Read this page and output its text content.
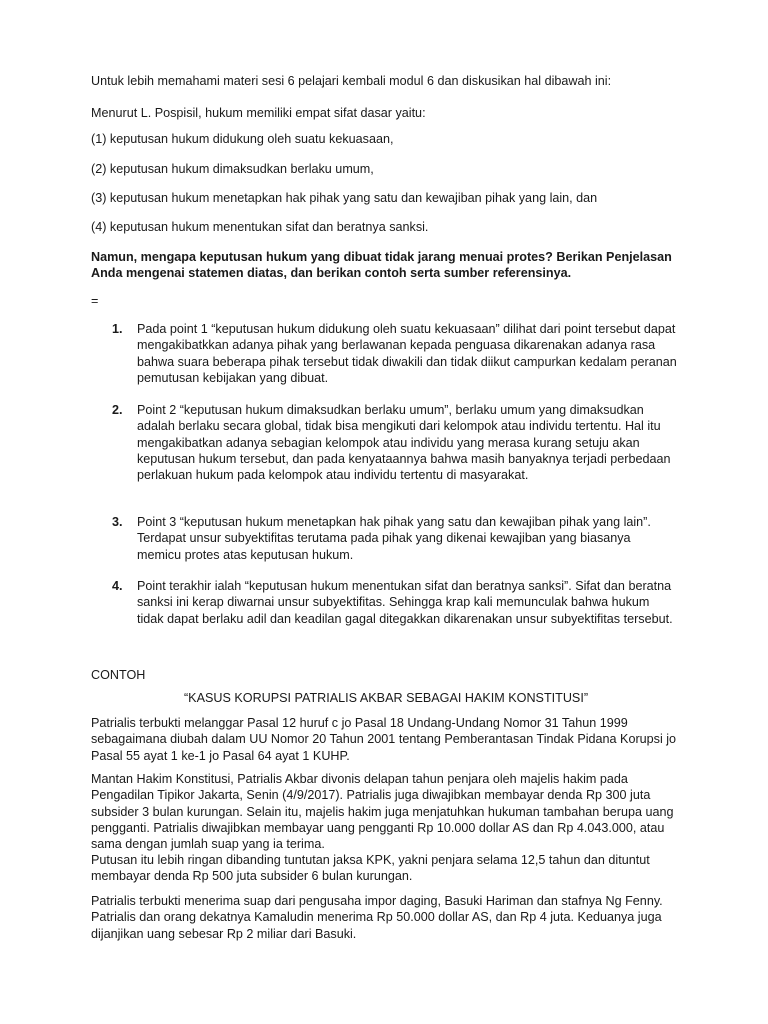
Untuk lebih memahami materi sesi 6 pelajari kembali modul 6 dan diskusikan hal dibawah ini:

Menurut L. Pospisil, hukum memiliki empat sifat dasar yaitu:

(1) keputusan hukum didukung oleh suatu kekuasaan,

(2) keputusan hukum dimaksudkan berlaku umum,

(3) keputusan hukum menetapkan hak pihak yang satu dan kewajiban pihak yang lain, dan

(4) keputusan hukum menentukan sifat dan beratnya sanksi.

Namun, mengapa keputusan hukum yang dibuat tidak jarang menuai protes? Berikan Penjelasan Anda mengenai statemen diatas, dan berikan contoh serta sumber referensinya.

=

1. Pada point 1 “keputusan hukum didukung oleh suatu kekuasaan” dilihat dari point tersebut dapat mengakibatkkan adanya pihak yang berlawanan kepada penguasa dikarenakan adanya rasa bahwa suara beberapa pihak tersebut tidak diwakili dan tidak diikut campurkan kedalam peranan pemutusan kebijakan yang dibuat.
2. Point 2 “keputusan hukum dimaksudkan berlaku umum”, berlaku umum yang dimaksudkan adalah berlaku secara global, tidak bisa mengikuti dari kelompok atau individu tertentu. Hal itu mengakibatkan adanya sebagian kelompok atau individu yang merasa kurang setuju akan keputusan hukum tersebut, dan pada kenyataannya bahwa masih banyaknya terjadi perbedaan perlakuan hukum pada kelompok atau individu tertentu di masyarakat.
3. Point 3 “keputusan hukum menetapkan hak pihak yang satu dan kewajiban pihak yang lain”. Terdapat unsur subyektifitas terutama pada pihak yang dikenai kewajiban yang biasanya memicu protes atas keputusan hukum.
4. Point terakhir ialah “keputusan hukum menentukan sifat dan beratnya sanksi”. Sifat dan beratna sanksi ini kerap diwarnai unsur subyektifitas. Sehingga krap kali memunculak bahwa hukum tidak dapat berlaku adil dan keadilan gagal ditegakkan dikarenakan unsur subyektifitas tersebut.

CONTOH

“KASUS KORUPSI PATRIALIS AKBAR SEBAGAI HAKIM KONSTITUSI”

Patrialis terbukti melanggar Pasal 12 huruf c jo Pasal 18 Undang-Undang Nomor 31 Tahun 1999 sebagaimana diubah dalam UU Nomor 20 Tahun 2001 tentang Pemberantasan Tindak Pidana Korupsi jo Pasal 55 ayat 1 ke-1 jo Pasal 64 ayat 1 KUHP.

Mantan Hakim Konstitusi, Patrialis Akbar divonis delapan tahun penjara oleh majelis hakim pada Pengadilan Tipikor Jakarta, Senin (4/9/2017). Patrialis juga diwajibkan membayar denda Rp 300 juta subsider 3 bulan kurungan. Selain itu, majelis hakim juga menjatuhkan hukuman tambahan berupa uang pengganti. Patrialis diwajibkan membayar uang pengganti Rp 10.000 dollar AS dan Rp 4.043.000, atau sama dengan jumlah suap yang ia terima.

Putusan itu lebih ringan dibanding tuntutan jaksa KPK, yakni penjara selama 12,5 tahun dan dituntut membayar denda Rp 500 juta subsider 6 bulan kurungan.

Patrialis terbukti menerima suap dari pengusaha impor daging, Basuki Hariman dan stafnya Ng Fenny. Patrialis dan orang dekatnya Kamaludin menerima Rp 50.000 dollar AS, dan Rp 4 juta. Keduanya juga dijanjikan uang sebesar Rp 2 miliar dari Basuki.
